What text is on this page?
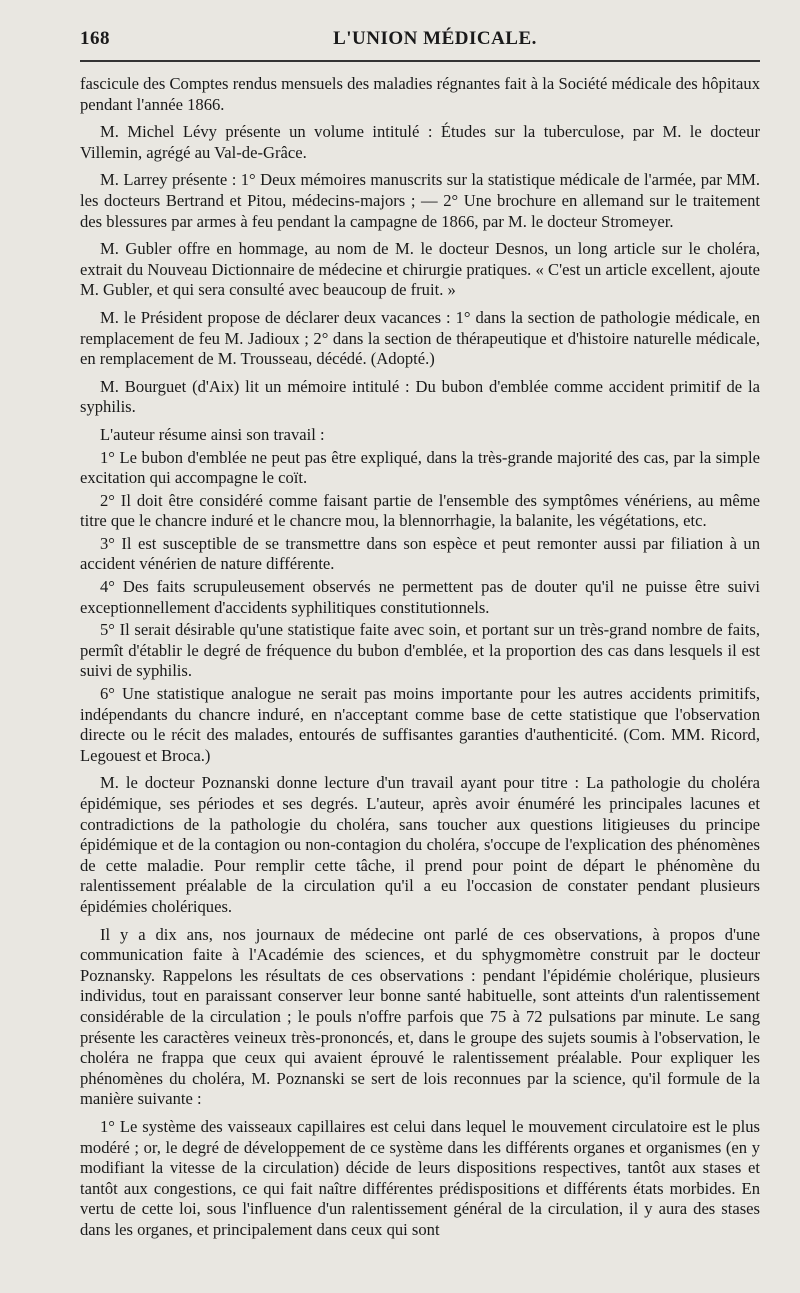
168	L'UNION MÉDICALE.

fascicule des Comptes rendus mensuels des maladies régnantes fait à la Société médicale des hôpitaux pendant l'année 1866.

M. Michel Lévy présente un volume intitulé : Études sur la tuberculose, par M. le docteur Villemin, agrégé au Val-de-Grâce.

M. Larrey présente : 1° Deux mémoires manuscrits sur la statistique médicale de l'armée, par MM. les docteurs Bertrand et Pitou, médecins-majors ; — 2° Une brochure en allemand sur le traitement des blessures par armes à feu pendant la campagne de 1866, par M. le docteur Stromeyer.

M. Gubler offre en hommage, au nom de M. le docteur Desnos, un long article sur le choléra, extrait du Nouveau Dictionnaire de médecine et chirurgie pratiques. « C'est un article excellent, ajoute M. Gubler, et qui sera consulté avec beaucoup de fruit. »

M. le Président propose de déclarer deux vacances : 1° dans la section de pathologie médicale, en remplacement de feu M. Jadioux ; 2° dans la section de thérapeutique et d'histoire naturelle médicale, en remplacement de M. Trousseau, décédé. (Adopté.)

M. Bourguet (d'Aix) lit un mémoire intitulé : Du bubon d'emblée comme accident primitif de la syphilis.

L'auteur résume ainsi son travail :

1° Le bubon d'emblée ne peut pas être expliqué, dans la très-grande majorité des cas, par la simple excitation qui accompagne le coït.

2° Il doit être considéré comme faisant partie de l'ensemble des symptômes vénériens, au même titre que le chancre induré et le chancre mou, la blennorrhagie, la balanite, les végétations, etc.

3° Il est susceptible de se transmettre dans son espèce et peut remonter aussi par filiation à un accident vénérien de nature différente.

4° Des faits scrupuleusement observés ne permettent pas de douter qu'il ne puisse être suivi exceptionnellement d'accidents syphilitiques constitutionnels.

5° Il serait désirable qu'une statistique faite avec soin, et portant sur un très-grand nombre de faits, permît d'établir le degré de fréquence du bubon d'emblée, et la proportion des cas dans lesquels il est suivi de syphilis.

6° Une statistique analogue ne serait pas moins importante pour les autres accidents primitifs, indépendants du chancre induré, en n'acceptant comme base de cette statistique que l'observation directe ou le récit des malades, entourés de suffisantes garanties d'authenticité. (Com. MM. Ricord, Legouest et Broca.)

M. le docteur Poznanski donne lecture d'un travail ayant pour titre : La pathologie du choléra épidémique, ses périodes et ses degrés. L'auteur, après avoir énuméré les principales lacunes et contradictions de la pathologie du choléra, sans toucher aux questions litigieuses du principe épidémique et de la contagion ou non-contagion du choléra, s'occupe de l'explication des phénomènes de cette maladie. Pour remplir cette tâche, il prend pour point de départ le phénomène du ralentissement préalable de la circulation qu'il a eu l'occasion de constater pendant plusieurs épidémies cholériques.

Il y a dix ans, nos journaux de médecine ont parlé de ces observations, à propos d'une communication faite à l'Académie des sciences, et du sphygmomètre construit par le docteur Poznansky. Rappelons les résultats de ces observations : pendant l'épidémie cholérique, plusieurs individus, tout en paraissant conserver leur bonne santé habituelle, sont atteints d'un ralentissement considérable de la circulation ; le pouls n'offre parfois que 75 à 72 pulsations par minute. Le sang présente les caractères veineux très-prononcés, et, dans le groupe des sujets soumis à l'observation, le choléra ne frappa que ceux qui avaient éprouvé le ralentissement préalable. Pour expliquer les phénomènes du choléra, M. Poznanski se sert de lois reconnues par la science, qu'il formule de la manière suivante :

1° Le système des vaisseaux capillaires est celui dans lequel le mouvement circulatoire est le plus modéré ; or, le degré de développement de ce système dans les différents organes et organismes (en y modifiant la vitesse de la circulation) décide de leurs dispositions respectives, tantôt aux stases et tantôt aux congestions, ce qui fait naître différentes prédispositions et différents états morbides. En vertu de cette loi, sous l'influence d'un ralentissement général de la circulation, il y aura des stases dans les organes, et principalement dans ceux qui sont
